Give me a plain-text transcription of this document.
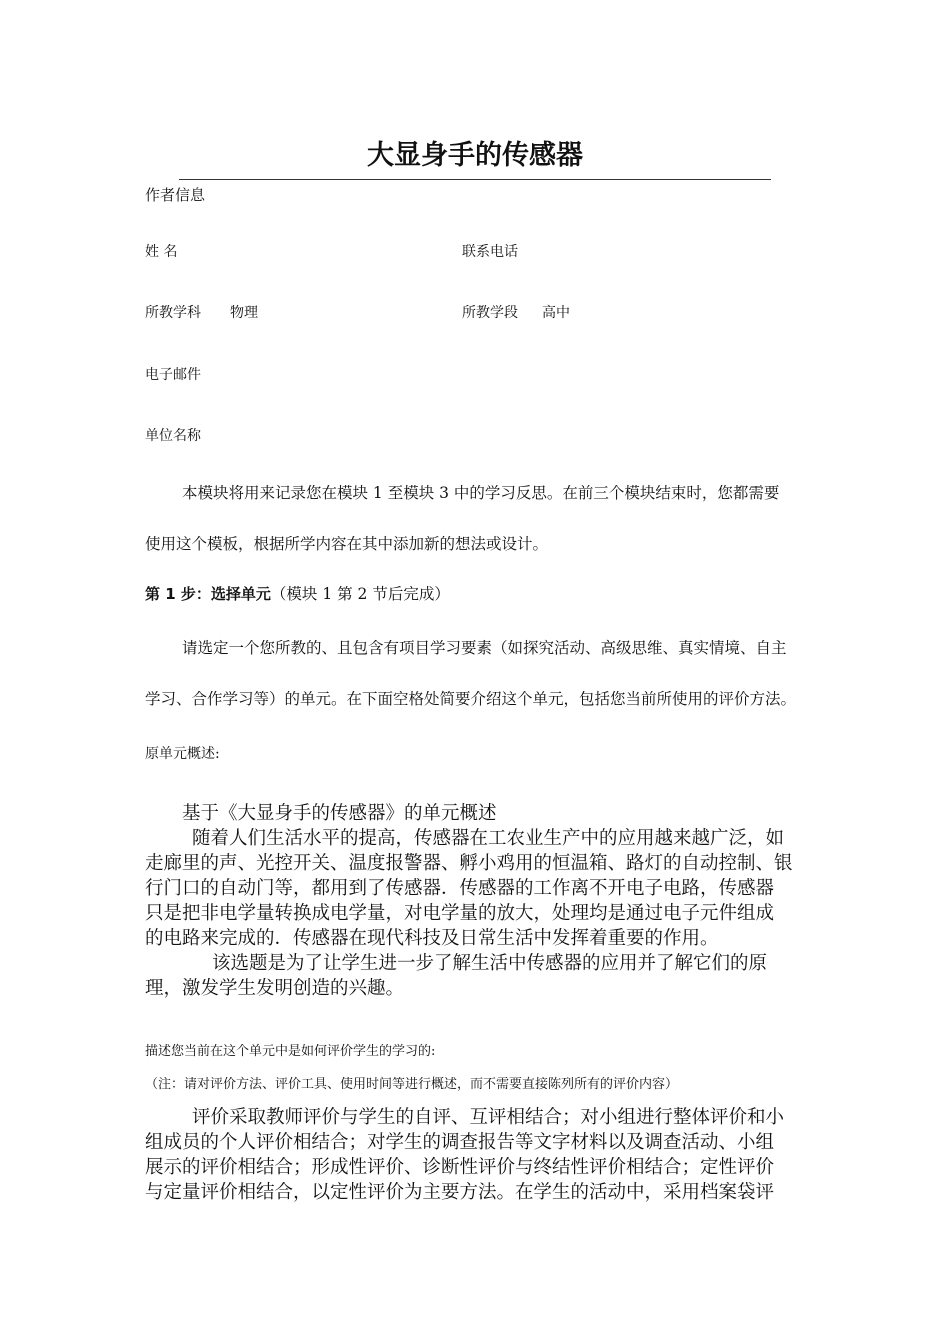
大显身手的传感器
作者信息
姓 名	联系电话
所教学科 物理	所教学段 高中
电子邮件
单位名称
本模块将用来记录您在模块 1 至模块 3 中的学习反思。在前三个模块结束时，您都需要
使用这个模板，根据所学内容在其中添加新的想法或设计。
第 1 步：选择单元（模块 1 第 2 节后完成）
请选定一个您所教的、且包含有项目学习要素（如探究活动、高级思维、真实情境、自主
学习、合作学习等）的单元。在下面空格处简要介绍这个单元，包括您当前所使用的评价方法。
原单元概述:
基于《大显身手的传感器》的单元概述
随着人们生活水平的提高，传感器在工农业生产中的应用越来越广泛，如
走廊里的声、光控开关、温度报警器、孵小鸡用的恒温箱、路灯的自动控制、银
行门口的自动门等，都用到了传感器．传感器的工作离不开电子电路，传感器
只是把非电学量转换成电学量，对电学量的放大，处理均是通过电子元件组成
的电路来完成的．传感器在现代科技及日常生活中发挥着重要的作用。
该选题是为了让学生进一步了解生活中传感器的应用并了解它们的原
理，激发学生发明创造的兴趣。
描述您当前在这个单元中是如何评价学生的学习的:
（注：请对评价方法、评价工具、使用时间等进行概述，而不需要直接陈列所有的评价内容）
评价采取教师评价与学生的自评、互评相结合；对小组进行整体评价和小
组成员的个人评价相结合；对学生的调查报告等文字材料以及调查活动、小组
展示的评价相结合；形成性评价、诊断性评价与终结性评价相结合；定性评价
与定量评价相结合，以定性评价为主要方法。在学生的活动中，采用档案袋评
